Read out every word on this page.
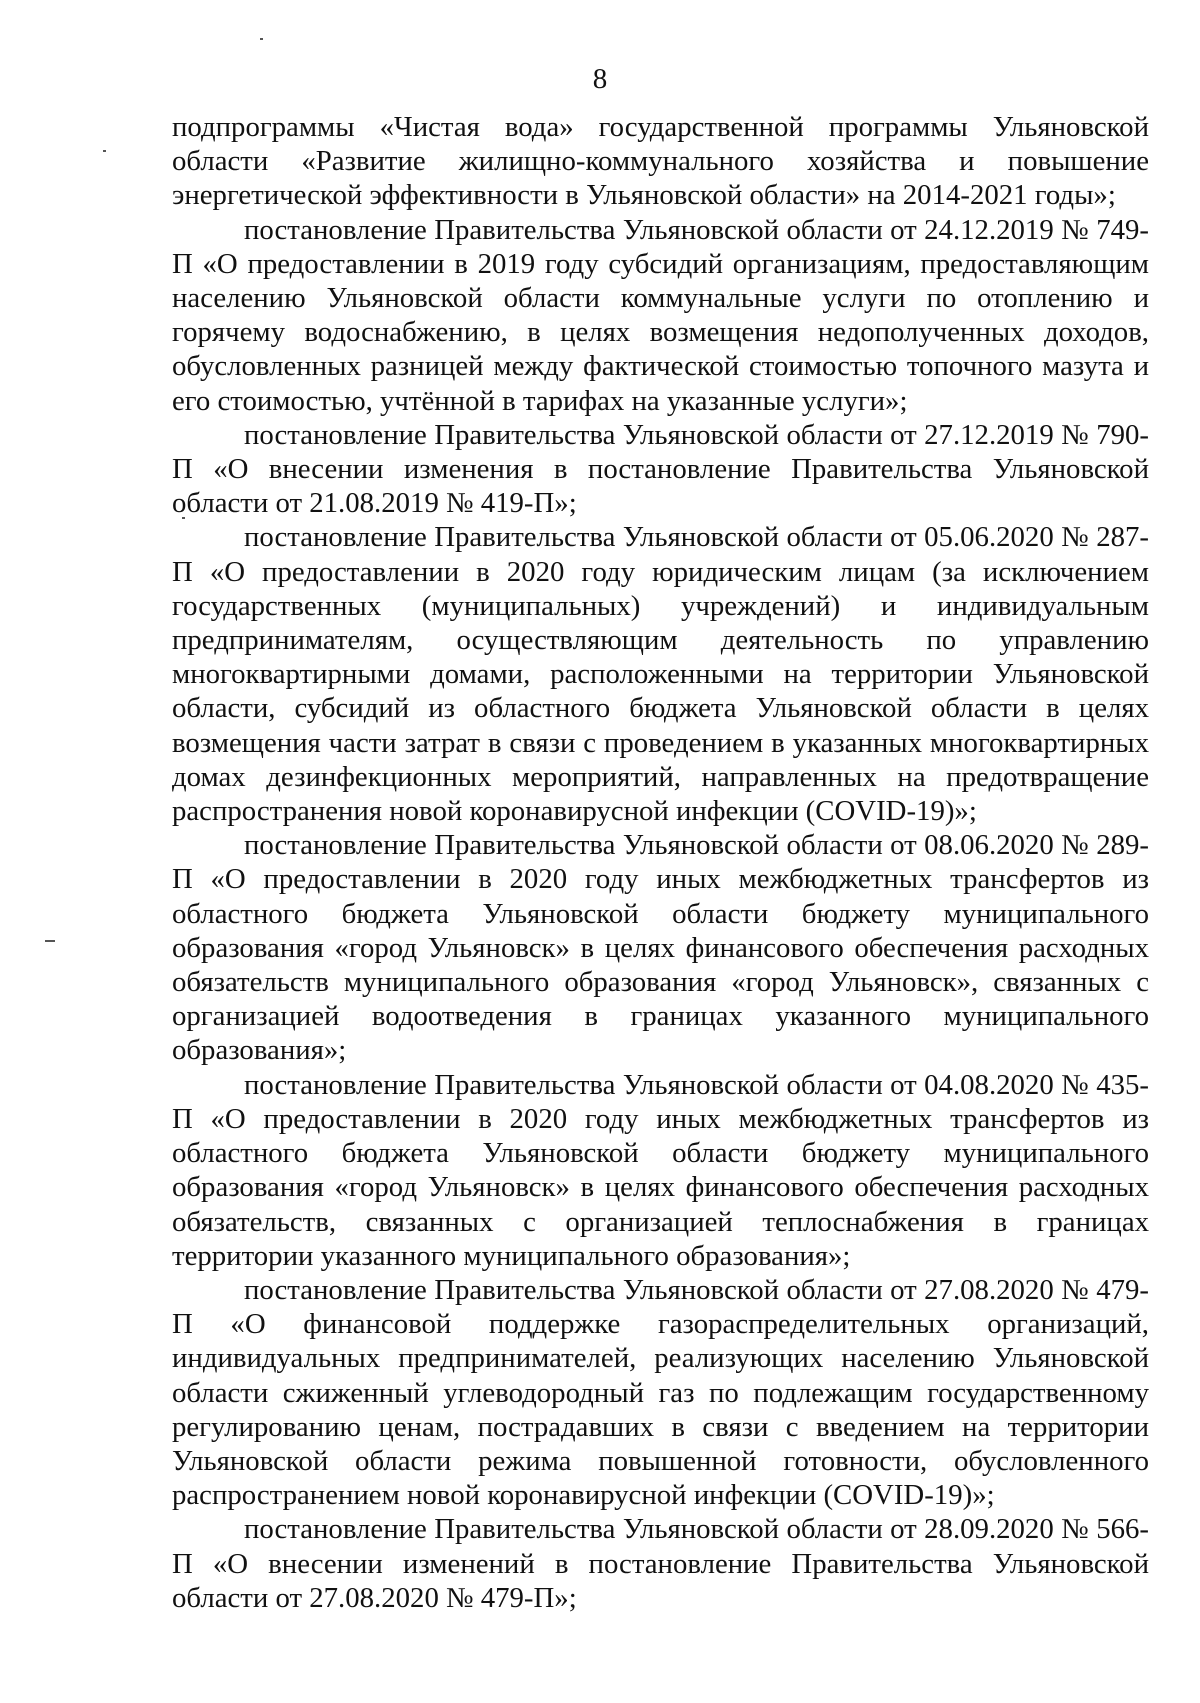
8

подпрограммы «Чистая вода» государственной программы Ульяновской области «Развитие жилищно-коммунального хозяйства и повышение энергетической эффективности в Ульяновской области» на 2014-2021 годы»;

постановление Правительства Ульяновской области от 24.12.2019 № 749-П «О предоставлении в 2019 году субсидий организациям, предоставляющим населению Ульяновской области коммунальные услуги по отоплению и горячему водоснабжению, в целях возмещения недополученных доходов, обусловленных разницей между фактической стоимостью топочного мазута и его стоимостью, учтённой в тарифах на указанные услуги»;

постановление Правительства Ульяновской области от 27.12.2019 № 790-П «О внесении изменения в постановление Правительства Ульяновской области от 21.08.2019 № 419-П»;

постановление Правительства Ульяновской области от 05.06.2020 № 287-П «О предоставлении в 2020 году юридическим лицам (за исключением государственных (муниципальных) учреждений) и индивидуальным предпринимателям, осуществляющим деятельность по управлению многоквартирными домами, расположенными на территории Ульяновской области, субсидий из областного бюджета Ульяновской области в целях возмещения части затрат в связи с проведением в указанных многоквартирных домах дезинфекционных мероприятий, направленных на предотвращение распространения новой коронавирусной инфекции (COVID-19)»;

постановление Правительства Ульяновской области от 08.06.2020 № 289-П «О предоставлении в 2020 году иных межбюджетных трансфертов из областного бюджета Ульяновской области бюджету муниципального образования «город Ульяновск» в целях финансового обеспечения расходных обязательств муниципального образования «город Ульяновск», связанных с организацией водоотведения в границах указанного муниципального образования»;

постановление Правительства Ульяновской области от 04.08.2020 № 435-П «О предоставлении в 2020 году иных межбюджетных трансфертов из областного бюджета Ульяновской области бюджету муниципального образования «город Ульяновск» в целях финансового обеспечения расходных обязательств, связанных с организацией теплоснабжения в границах территории указанного муниципального образования»;

постановление Правительства Ульяновской области от 27.08.2020 № 479-П «О финансовой поддержке газораспределительных организаций, индивидуальных предпринимателей, реализующих населению Ульяновской области сжиженный углеводородный газ по подлежащим государственному регулированию ценам, пострадавших в связи с введением на территории Ульяновской области режима повышенной готовности, обусловленного распространением новой коронавирусной инфекции (COVID-19)»;

постановление Правительства Ульяновской области от 28.09.2020 № 566-П «О внесении изменений в постановление Правительства Ульяновской области от 27.08.2020 № 479-П»;
